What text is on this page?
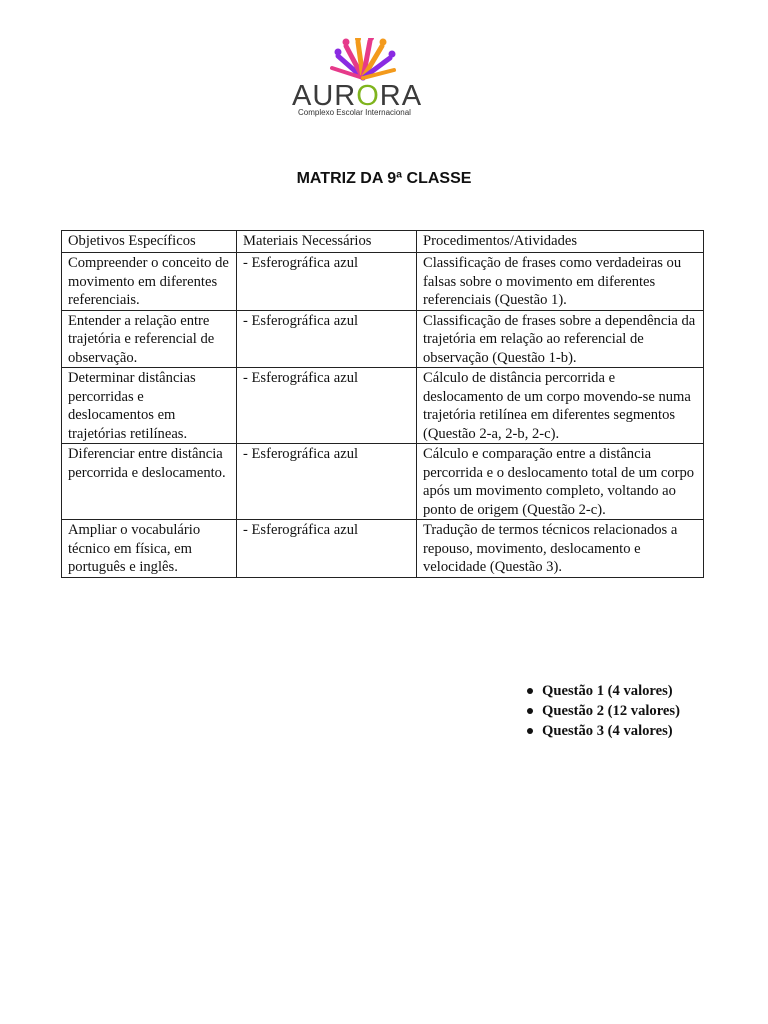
AURORA
Complexo Escolar Internacional
MATRIZ DA 9ª CLASSE
Objetivos Específicos	Materiais Necessários	Procedimentos/Atividades
Compreender o conceito de movimento em diferentes referenciais.	- Esferográfica azul	Classificação de frases como verdadeiras ou falsas sobre o movimento em diferentes referenciais (Questão 1).
Entender a relação entre trajetória e referencial de observação.	- Esferográfica azul	Classificação de frases sobre a dependência da trajetória em relação ao referencial de observação (Questão 1-b).
Determinar distâncias percorridas e deslocamentos em trajetórias retilíneas.	- Esferográfica azul	Cálculo de distância percorrida e deslocamento de um corpo movendo-se numa trajetória retilínea em diferentes segmentos (Questão 2-a, 2-b, 2-c).
Diferenciar entre distância percorrida e deslocamento.	- Esferográfica azul	Cálculo e comparação entre a distância percorrida e o deslocamento total de um corpo após um movimento completo, voltando ao ponto de origem (Questão 2-c).
Ampliar o vocabulário técnico em física, em português e inglês.	- Esferográfica azul	Tradução de termos técnicos relacionados a repouso, movimento, deslocamento e velocidade (Questão 3).
Questão 1 (4 valores)
Questão 2 (12 valores)
Questão 3 (4 valores)
